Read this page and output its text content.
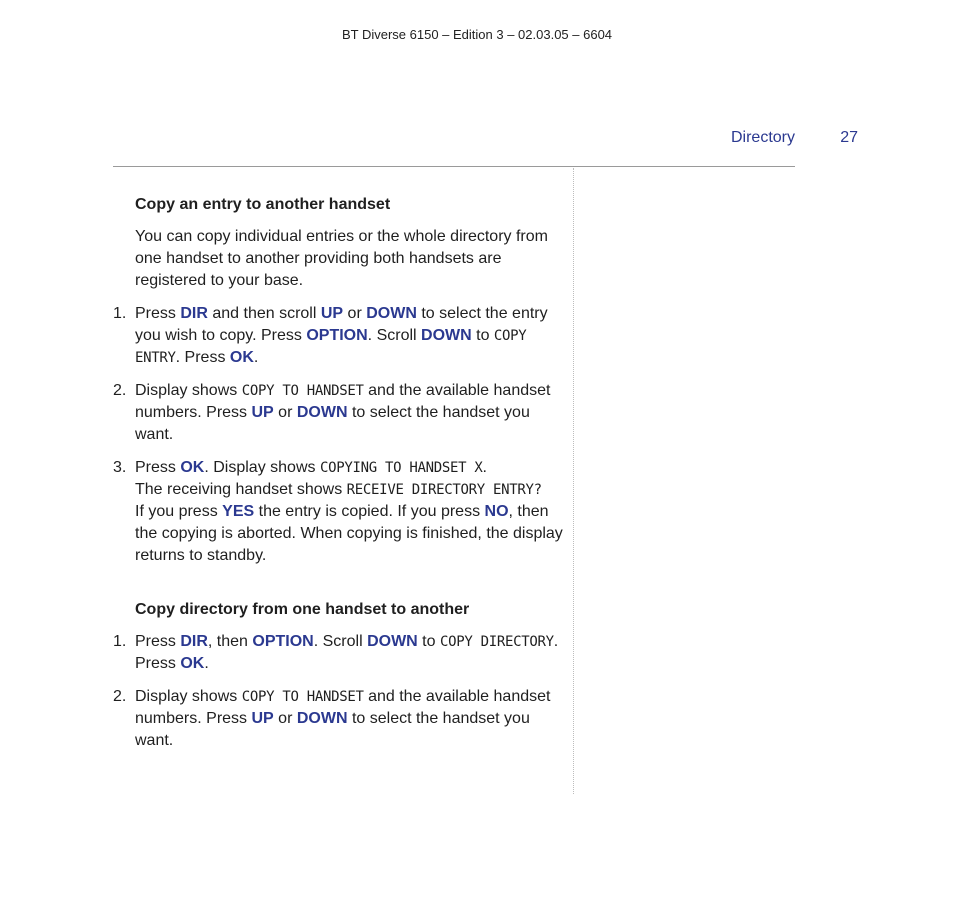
BT Diverse 6150 – Edition 3 – 02.03.05 – 6604
Directory	27
Copy an entry to another handset

You can copy individual entries or the whole directory from one handset to another providing both handsets are registered to your base.

1. Press DIR and then scroll UP or DOWN to select the entry you wish to copy. Press OPTION. Scroll DOWN to COPY ENTRY. Press OK.
2. Display shows COPY TO HANDSET and the available handset numbers. Press UP or DOWN to select the handset you want.
3. Press OK. Display shows COPYING TO HANDSET X.
The receiving handset shows RECEIVE DIRECTORY ENTRY?
If you press YES the entry is copied. If you press NO, then the copying is aborted. When copying is finished, the display returns to standby.
Copy directory from one handset to another
1. Press DIR, then OPTION. Scroll DOWN to COPY DIRECTORY. Press OK.
2. Display shows COPY TO HANDSET and the available handset numbers. Press UP or DOWN to select the handset you want.
